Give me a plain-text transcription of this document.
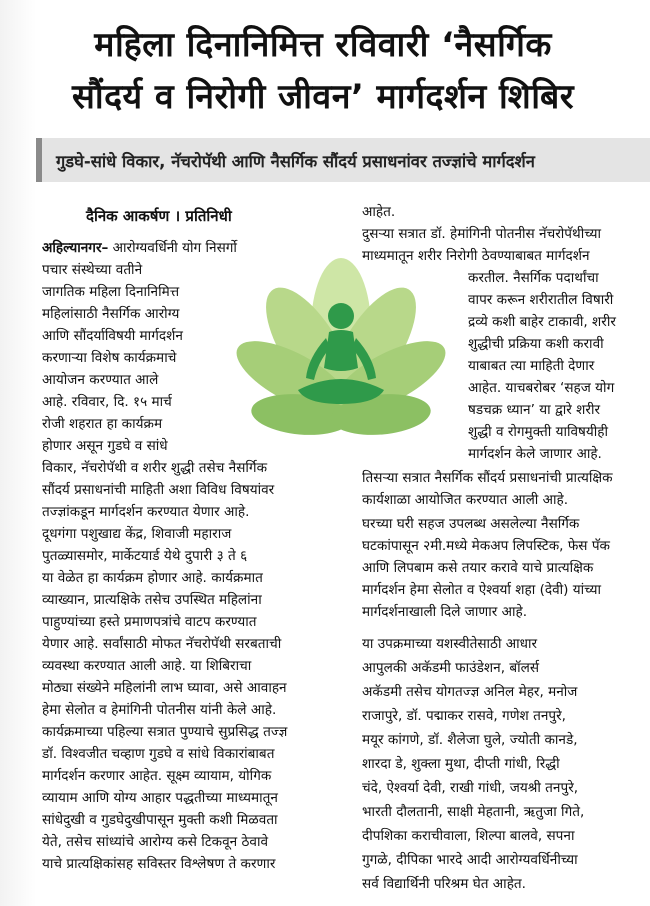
महिला दिनानिमित्त रविवारी ‘नैसर्गिक
सौंदर्य व निरोगी जीवन’ मार्गदर्शन शिबिर
गुडघे-सांधे विकार, नॅचरोपॅथी आणि नैसर्गिक सौंदर्य प्रसाधनांवर तज्ज्ञांचे मार्गदर्शन
दैनिक आकर्षण । प्रतिनिधी
अहिल्यानगर– आरोग्यवर्धिनी योग निसर्गो
पचार संस्थेच्या वतीने
जागतिक महिला दिनानिमित्त
महिलांसाठी नैसर्गिक आरोग्य
आणि सौंदर्याविषयी मार्गदर्शन
करणाऱ्या विशेष कार्यक्रमाचे
आयोजन करण्यात आले
आहे. रविवार, दि. १५ मार्च
रोजी शहरात हा कार्यक्रम
होणार असून गुडघे व सांधे
विकार, नॅचरोपॅथी व शरीर शुद्धी तसेच नैसर्गिक
सौंदर्य प्रसाधनांची माहिती अशा विविध विषयांवर
तज्ज्ञांकडून मार्गदर्शन करण्यात येणार आहे.
दूधगंगा पशुखाद्य केंद्र, शिवाजी महाराज
पुतळ्यासमोर, मार्केटयार्ड येथे दुपारी ३ ते ६
या वेळेत हा कार्यक्रम होणार आहे. कार्यक्रमात
व्याख्यान, प्रात्यक्षिके तसेच उपस्थित महिलांना
पाहुण्यांच्या हस्ते प्रमाणपत्रांचे वाटप करण्यात
येणार आहे. सर्वांसाठी मोफत नॅचरोपॅथी सरबताची
व्यवस्था करण्यात आली आहे. या शिबिराचा
मोठ्या संख्येने महिलांनी लाभ घ्यावा, असे आवाहन
हेमा सेलोत व हेमांगिनी पोतनीस यांनी केले आहे.
कार्यक्रमाच्या पहिल्या सत्रात पुण्याचे सुप्रसिद्ध तज्ज्ञ
डॉ. विश्वजीत चव्हाण गुडघे व सांधे विकारांबाबत
मार्गदर्शन करणार आहेत. सूक्ष्म व्यायाम, योगिक
व्यायाम आणि योग्य आहार पद्धतीच्या माध्यमातून
सांधेदुखी व गुडघेदुखीपासून मुक्ती कशी मिळवता
येते, तसेच सांध्यांचे आरोग्य कसे टिकवून ठेवावे
याचे प्रात्यक्षिकांसह सविस्तर विश्लेषण ते करणार
आहेत.
दुसऱ्या सत्रात डॉ. हेमांगिनी पोतनीस नॅचरोपॅथीच्या
माध्यमातून शरीर निरोगी ठेवण्याबाबत मार्गदर्शन
करतील. नैसर्गिक पदार्थांचा
वापर करून शरीरातील विषारी
द्रव्ये कशी बाहेर टाकावी, शरीर
शुद्धीची प्रक्रिया कशी करावी
याबाबत त्या माहिती देणार
आहेत. याचबरोबर ‘सहज योग
षडचक्र ध्यान’ या द्वारे शरीर
शुद्धी व रोगमुक्ती याविषयीही
मार्गदर्शन केले जाणार आहे.
तिसऱ्या सत्रात नैसर्गिक सौंदर्य प्रसाधनांची प्रात्यक्षिक
कार्यशाळा आयोजित करण्यात आली आहे.
घरच्या घरी सहज उपलब्ध असलेल्या नैसर्गिक
घटकांपासून २मी.मध्ये मेकअप लिपस्टिक, फेस पॅक
आणि लिपबाम कसे तयार करावे याचे प्रात्यक्षिक
मार्गदर्शन हेमा सेलोत व ऐश्वर्या शहा (देवी) यांच्या
मार्गदर्शनाखाली दिले जाणार आहे.
या उपक्रमाच्या यशस्वीतेसाठी आधार
आपुलकी अकॅडमी फाउंडेशन, बॉलर्स
अकॅडमी तसेच योगतज्ज्ञ अनिल मेहर, मनोज
राजापुरे, डॉ. पद्माकर रासवे, गणेश तनपुरे,
मयूर कांगणे, डॉ. शैलेजा घुले, ज्योती कानडे,
शारदा डे, शुक्ला मुथा, दीप्ती गांधी, रिद्धी
चंदे, ऐश्वर्या देवी, राखी गांधी, जयश्री तनपुरे,
भारती दौलतानी, साक्षी मेहतानी, ऋतुजा गिते,
दीपशिका कराचीवाला, शिल्पा बालवे, सपना
गुगळे, दीपिका भारदे आदी आरोग्यवर्धिनीच्या
सर्व विद्यार्थिनी परिश्रम घेत आहेत.
